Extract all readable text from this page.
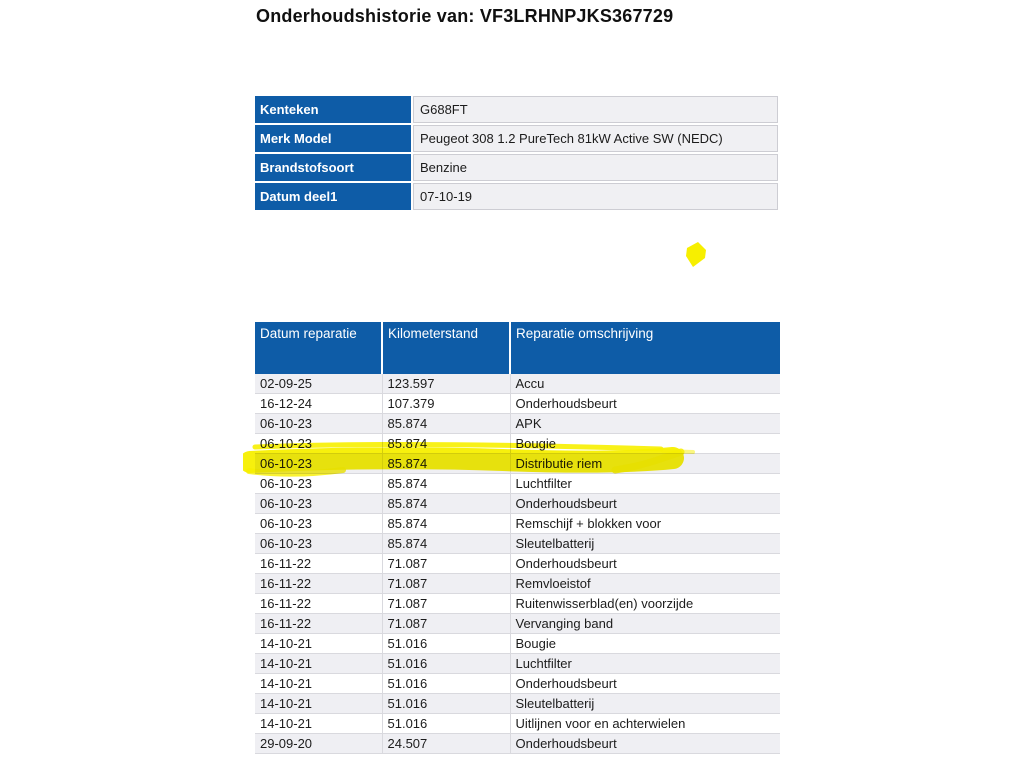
Onderhoudshistorie van: VF3LRHNPJKS367729
Kenteken	G688FT
Merk Model	Peugeot 308 1.2 PureTech 81kW Active SW (NEDC)
Brandstofsoort	Benzine
Datum deel1	07-10-19
Datum reparatie	Kilometerstand	Reparatie omschrijving
02-09-25	123.597	Accu
16-12-24	107.379	Onderhoudsbeurt
06-10-23	85.874	APK
06-10-23	85.874	Bougie
06-10-23	85.874	Distributie riem
06-10-23	85.874	Luchtfilter
06-10-23	85.874	Onderhoudsbeurt
06-10-23	85.874	Remschijf + blokken voor
06-10-23	85.874	Sleutelbatterij
16-11-22	71.087	Onderhoudsbeurt
16-11-22	71.087	Remvloeistof
16-11-22	71.087	Ruitenwisserblad(en) voorzijde
16-11-22	71.087	Vervanging band
14-10-21	51.016	Bougie
14-10-21	51.016	Luchtfilter
14-10-21	51.016	Onderhoudsbeurt
14-10-21	51.016	Sleutelbatterij
14-10-21	51.016	Uitlijnen voor en achterwielen
29-09-20	24.507	Onderhoudsbeurt
